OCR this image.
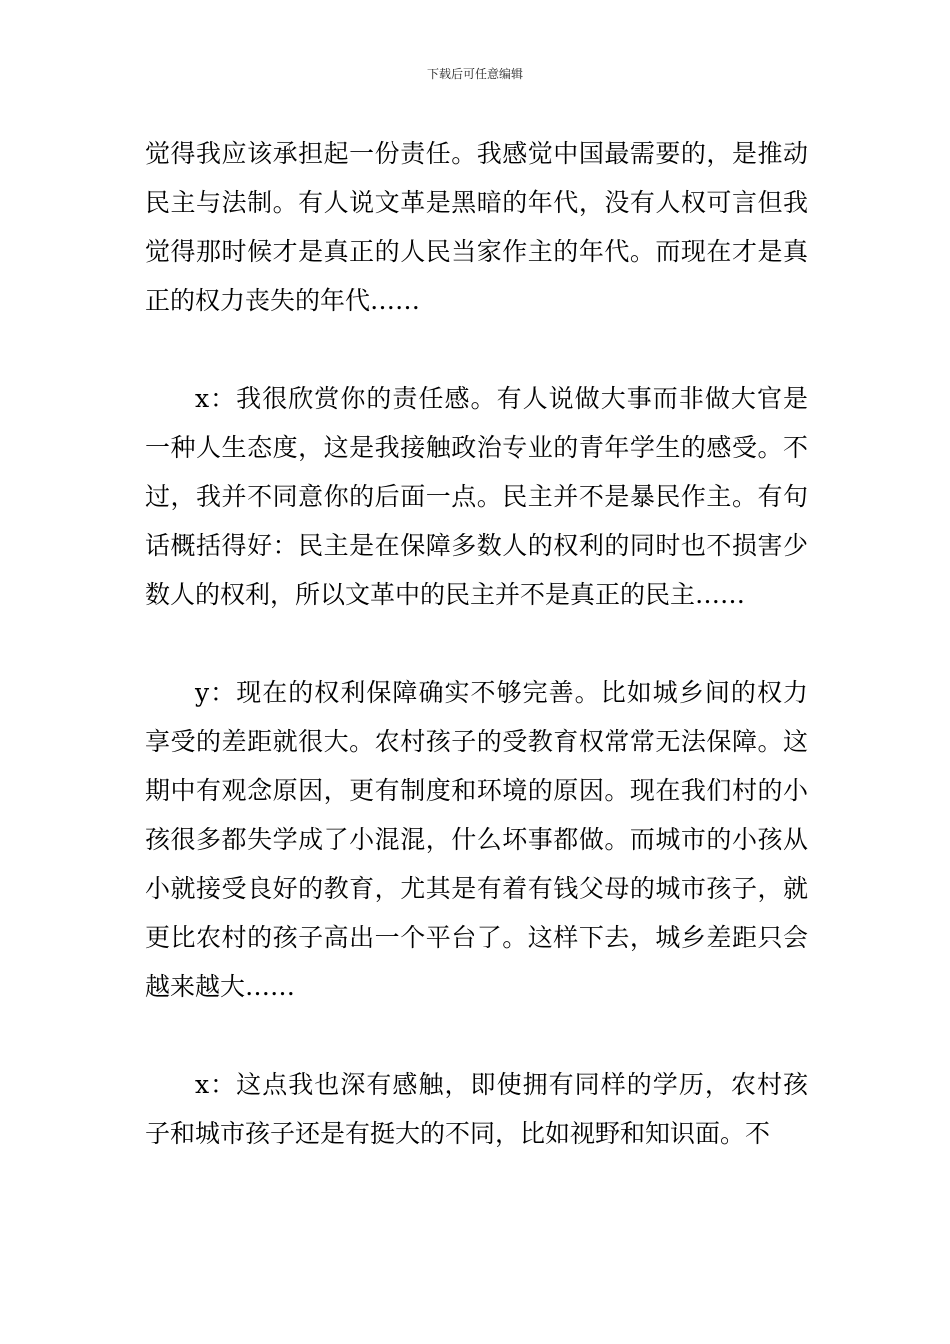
下载后可任意编辑

觉得我应该承担起一份责任。我感觉中国最需要的，是推动民主与法制。有人说文革是黑暗的年代，没有人权可言但我觉得那时候才是真正的人民当家作主的年代。而现在才是真正的权力丧失的年代……

x：我很欣赏你的责任感。有人说做大事而非做大官是一种人生态度，这是我接触政治专业的青年学生的感受。不过，我并不同意你的后面一点。民主并不是暴民作主。有句话概括得好：民主是在保障多数人的权利的同时也不损害少数人的权利，所以文革中的民主并不是真正的民主……

y：现在的权利保障确实不够完善。比如城乡间的权力享受的差距就很大。农村孩子的受教育权常常无法保障。这期中有观念原因，更有制度和环境的原因。现在我们村的小孩很多都失学成了小混混，什么坏事都做。而城市的小孩从小就接受良好的教育，尤其是有着有钱父母的城市孩子，就更比农村的孩子高出一个平台了。这样下去，城乡差距只会越来越大……

x：这点我也深有感触，即使拥有同样的学历，农村孩子和城市孩子还是有挺大的不同，比如视野和知识面。不
